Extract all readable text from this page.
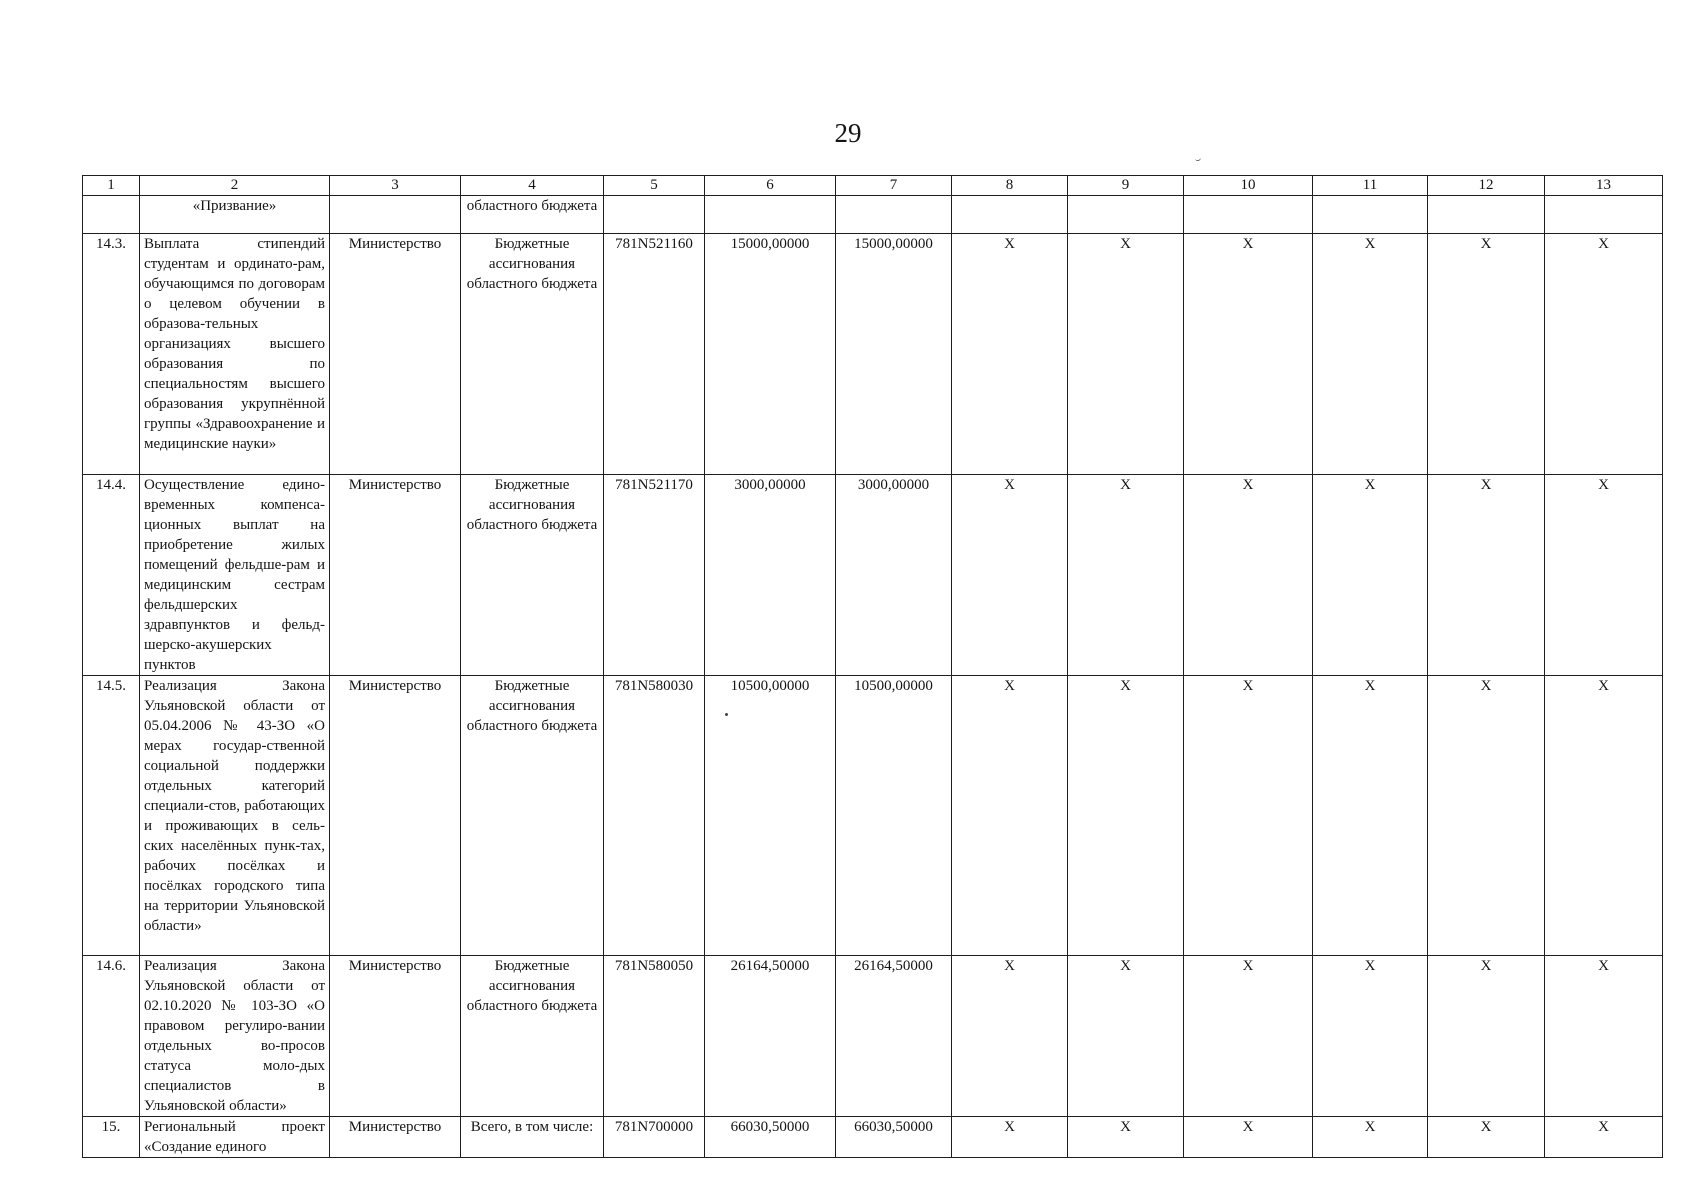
29
1	2	3	4	5	6	7	8	9	10	11	12	13
	«Призвание»		областного бюджета									
14.3.	Выплата стипендий студентам и ординато-рам, обучающимся по договорам о целевом обучении в образова-тельных организациях высшего образования по специальностям высшего образования укрупнённой группы «Здравоохранение и медицинские науки»	Министерство	Бюджетные ассигнования областного бюджета	781N521160	15000,00000	15000,00000	X	X	X	X	X	X
14.4.	Осуществление едино-временных компенса-ционных выплат на приобретение жилых помещений фельдше-рам и медицинским сестрам фельдшерских здравпунктов и фельд-шерско-акушерских пунктов	Министерство	Бюджетные ассигнования областного бюджета	781N521170	3000,00000	3000,00000	X	X	X	X	X	X
14.5.	Реализация Закона Ульяновской области от 05.04.2006 № 43-ЗО «О мерах государ-ственной социальной поддержки отдельных категорий специали-стов, работающих и проживающих в сель-ских населённых пунк-тах, рабочих посёлках и посёлках городского типа на территории Ульяновской области»	Министерство	Бюджетные ассигнования областного бюджета	781N580030	10500,00000	10500,00000	X	X	X	X	X	X
14.6.	Реализация Закона Ульяновской области от 02.10.2020 № 103-ЗО «О правовом регулиро-вании отдельных во-просов статуса моло-дых специалистов в Ульяновской области»	Министерство	Бюджетные ассигнования областного бюджета	781N580050	26164,50000	26164,50000	X	X	X	X	X	X
15.	Региональный проект «Создание единого	Министерство	Всего, в том числе:	781N700000	66030,50000	66030,50000	X	X	X	X	X	X
